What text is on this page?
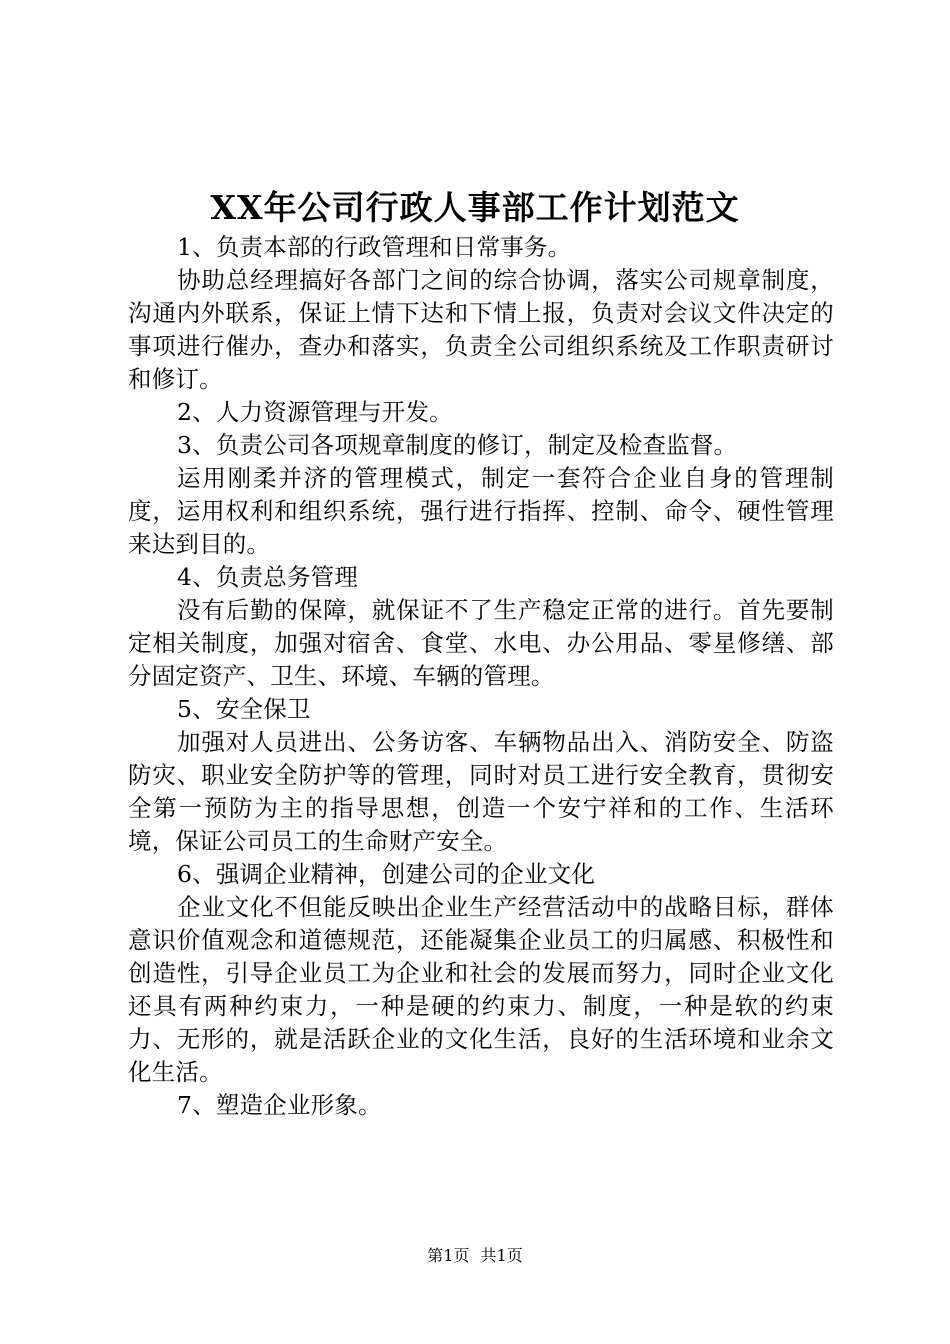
XX年公司行政人事部工作计划范文

1、负责本部的行政管理和日常事务。

协助总经理搞好各部门之间的综合协调，落实公司规章制度，沟通内外联系，保证上情下达和下情上报，负责对会议文件决定的事项进行催办，查办和落实，负责全公司组织系统及工作职责研讨和修订。

2、人力资源管理与开发。

3、负责公司各项规章制度的修订，制定及检查监督。

运用刚柔并济的管理模式，制定一套符合企业自身的管理制度，运用权利和组织系统，强行进行指挥、控制、命令、硬性管理来达到目的。

4、负责总务管理

没有后勤的保障，就保证不了生产稳定正常的进行。首先要制定相关制度，加强对宿舍、食堂、水电、办公用品、零星修缮、部分固定资产、卫生、环境、车辆的管理。

5、安全保卫

加强对人员进出、公务访客、车辆物品出入、消防安全、防盗防灾、职业安全防护等的管理，同时对员工进行安全教育，贯彻安全第一预防为主的指导思想，创造一个安宁祥和的工作、生活环境，保证公司员工的生命财产安全。

6、强调企业精神，创建公司的企业文化

企业文化不但能反映出企业生产经营活动中的战略目标，群体意识价值观念和道德规范，还能凝集企业员工的归属感、积极性和创造性，引导企业员工为企业和社会的发展而努力，同时企业文化还具有两种约束力，一种是硬的约束力、制度，一种是软的约束力、无形的，就是活跃企业的文化生活，良好的生活环境和业余文化生活。

7、塑造企业形象。

第1页 共1页
